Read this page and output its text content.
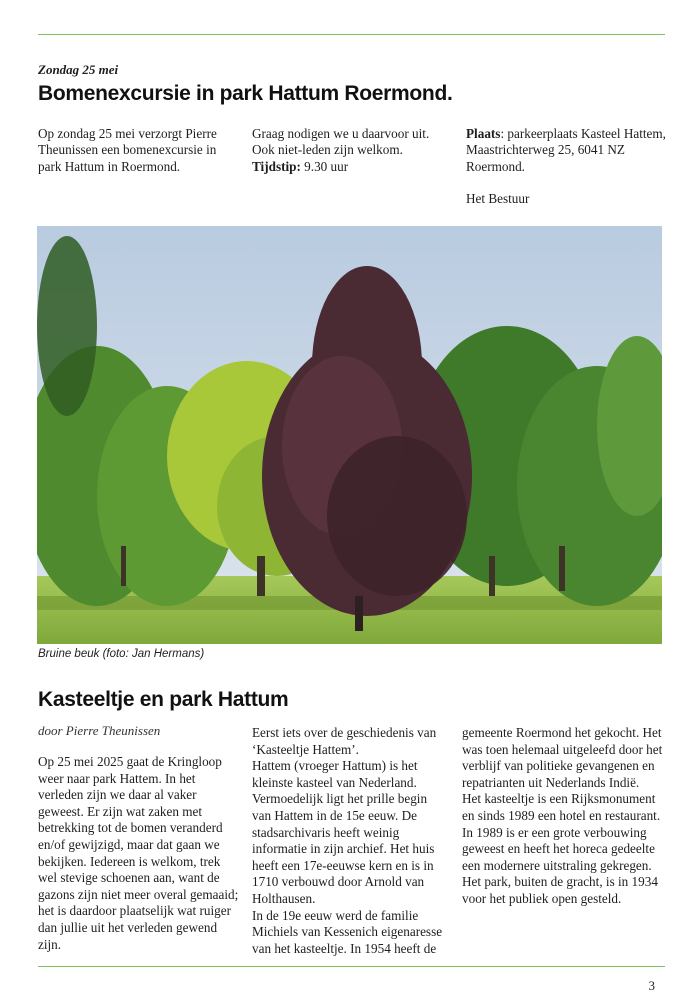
Zondag 25 mei
Bomenexcursie in park Hattum Roermond.

Op zondag 25 mei verzorgt Pierre Theunissen een bomenexcursie in park Hattum in Roermond.

Graag nodigen we u daarvoor uit.

Ook niet-leden zijn welkom.

Tijdstip: 9.30 uur

Plaats: parkeerplaats Kasteel Hattem, Maastrichterweg 25, 6041 NZ Roermond.

Het Bestuur

Bruine beuk (foto: Jan Hermans)
Kasteeltje en park Hattum
door Pierre Theunissen

Op 25 mei 2025 gaat de Kringloop weer naar park Hattem. In het verleden zijn we daar al vaker geweest. Er zijn wat zaken met betrekking tot de bomen veranderd en/of gewijzigd, maar dat gaan we bekijken. Iedereen is welkom, trek wel stevige schoenen aan, want de gazons zijn niet meer overal gemaaid; het is daardoor plaatselijk wat ruiger dan jullie uit het verleden gewend zijn.

Eerst iets over de geschiedenis van ‘Kasteeltje Hattem’.

Hattem (vroeger Hattum) is het kleinste kasteel van Nederland. Vermoedelijk ligt het prille begin van Hattem in de 15e eeuw. De stadsarchivaris heeft weinig informatie in zijn archief. Het huis heeft een 17e-eeuwse kern en is in 1710 verbouwd door Arnold van Holthausen.

In de 19e eeuw werd de familie Michiels van Kessenich eigenaresse van het kasteeltje. In 1954 heeft de

gemeente Roermond het gekocht. Het was toen helemaal uitgeleefd door het verblijf van politieke gevangenen en repatrianten uit Nederlands Indië.

Het kasteeltje is een Rijksmonument en sinds 1989 een hotel en restaurant.

In 1989 is er een grote verbouwing geweest en heeft het horeca gedeelte een modernere uitstraling gekregen.

Het park, buiten de gracht, is in 1934 voor het publiek open gesteld.

3
